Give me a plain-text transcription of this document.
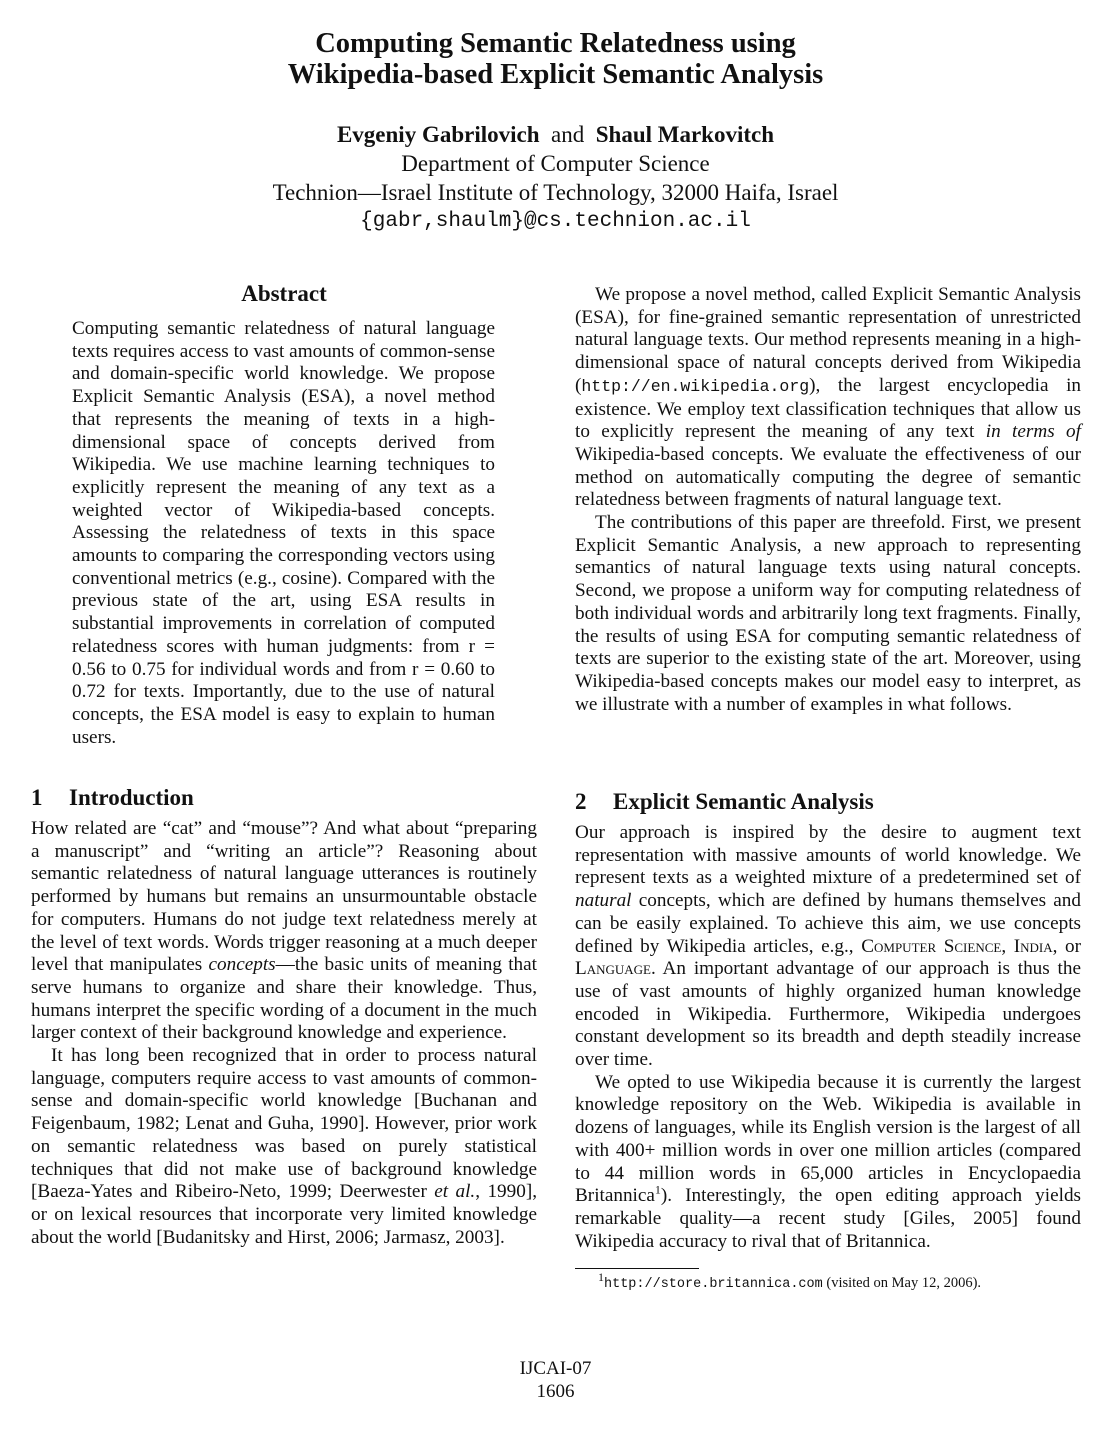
Computing Semantic Relatedness using
Wikipedia-based Explicit Semantic Analysis
Evgeniy Gabrilovich and Shaul Markovitch
Department of Computer Science
Technion—Israel Institute of Technology, 32000 Haifa, Israel
{gabr,shaulm}@cs.technion.ac.il
Abstract

Computing semantic relatedness of natural language texts requires access to vast amounts of common-sense and domain-specific world knowledge. We propose Explicit Semantic Analysis (ESA), a novel method that represents the meaning of texts in a high-dimensional space of concepts derived from Wikipedia. We use machine learning techniques to explicitly represent the meaning of any text as a weighted vector of Wikipedia-based concepts. Assessing the relatedness of texts in this space amounts to comparing the corresponding vectors using conventional metrics (e.g., cosine). Compared with the previous state of the art, using ESA results in substantial improvements in correlation of computed relatedness scores with human judgments: from r = 0.56 to 0.75 for individual words and from r = 0.60 to 0.72 for texts. Importantly, due to the use of natural concepts, the ESA model is easy to explain to human users.

1 Introduction

How related are “cat” and “mouse”? And what about “preparing a manuscript” and “writing an article”? Reasoning about semantic relatedness of natural language utterances is routinely performed by humans but remains an unsurmountable obstacle for computers. Humans do not judge text relatedness merely at the level of text words. Words trigger reasoning at a much deeper level that manipulates concepts—the basic units of meaning that serve humans to organize and share their knowledge. Thus, humans interpret the specific wording of a document in the much larger context of their background knowledge and experience.

It has long been recognized that in order to process natural language, computers require access to vast amounts of common-sense and domain-specific world knowledge [Buchanan and Feigenbaum, 1982; Lenat and Guha, 1990]. However, prior work on semantic relatedness was based on purely statistical techniques that did not make use of background knowledge [Baeza-Yates and Ribeiro-Neto, 1999; Deerwester et al., 1990], or on lexical resources that incorporate very limited knowledge about the world [Budanitsky and Hirst, 2006; Jarmasz, 2003].

We propose a novel method, called Explicit Semantic Analysis (ESA), for fine-grained semantic representation of unrestricted natural language texts. Our method represents meaning in a high-dimensional space of natural concepts derived from Wikipedia (http://en.wikipedia.org), the largest encyclopedia in existence. We employ text classification techniques that allow us to explicitly represent the meaning of any text in terms of Wikipedia-based concepts. We evaluate the effectiveness of our method on automatically computing the degree of semantic relatedness between fragments of natural language text.

The contributions of this paper are threefold. First, we present Explicit Semantic Analysis, a new approach to representing semantics of natural language texts using natural concepts. Second, we propose a uniform way for computing relatedness of both individual words and arbitrarily long text fragments. Finally, the results of using ESA for computing semantic relatedness of texts are superior to the existing state of the art. Moreover, using Wikipedia-based concepts makes our model easy to interpret, as we illustrate with a number of examples in what follows.

2 Explicit Semantic Analysis

Our approach is inspired by the desire to augment text representation with massive amounts of world knowledge. We represent texts as a weighted mixture of a predetermined set of natural concepts, which are defined by humans themselves and can be easily explained. To achieve this aim, we use concepts defined by Wikipedia articles, e.g., Computer Science, India, or Language. An important advantage of our approach is thus the use of vast amounts of highly organized human knowledge encoded in Wikipedia. Furthermore, Wikipedia undergoes constant development so its breadth and depth steadily increase over time.

We opted to use Wikipedia because it is currently the largest knowledge repository on the Web. Wikipedia is available in dozens of languages, while its English version is the largest of all with 400+ million words in over one million articles (compared to 44 million words in 65,000 articles in Encyclopaedia Britannica$^1$). Interestingly, the open editing approach yields remarkable quality—a recent study [Giles, 2005] found Wikipedia accuracy to rival that of Britannica.

$^1$http://store.britannica.com (visited on May 12, 2006).
IJCAI-07
1606
